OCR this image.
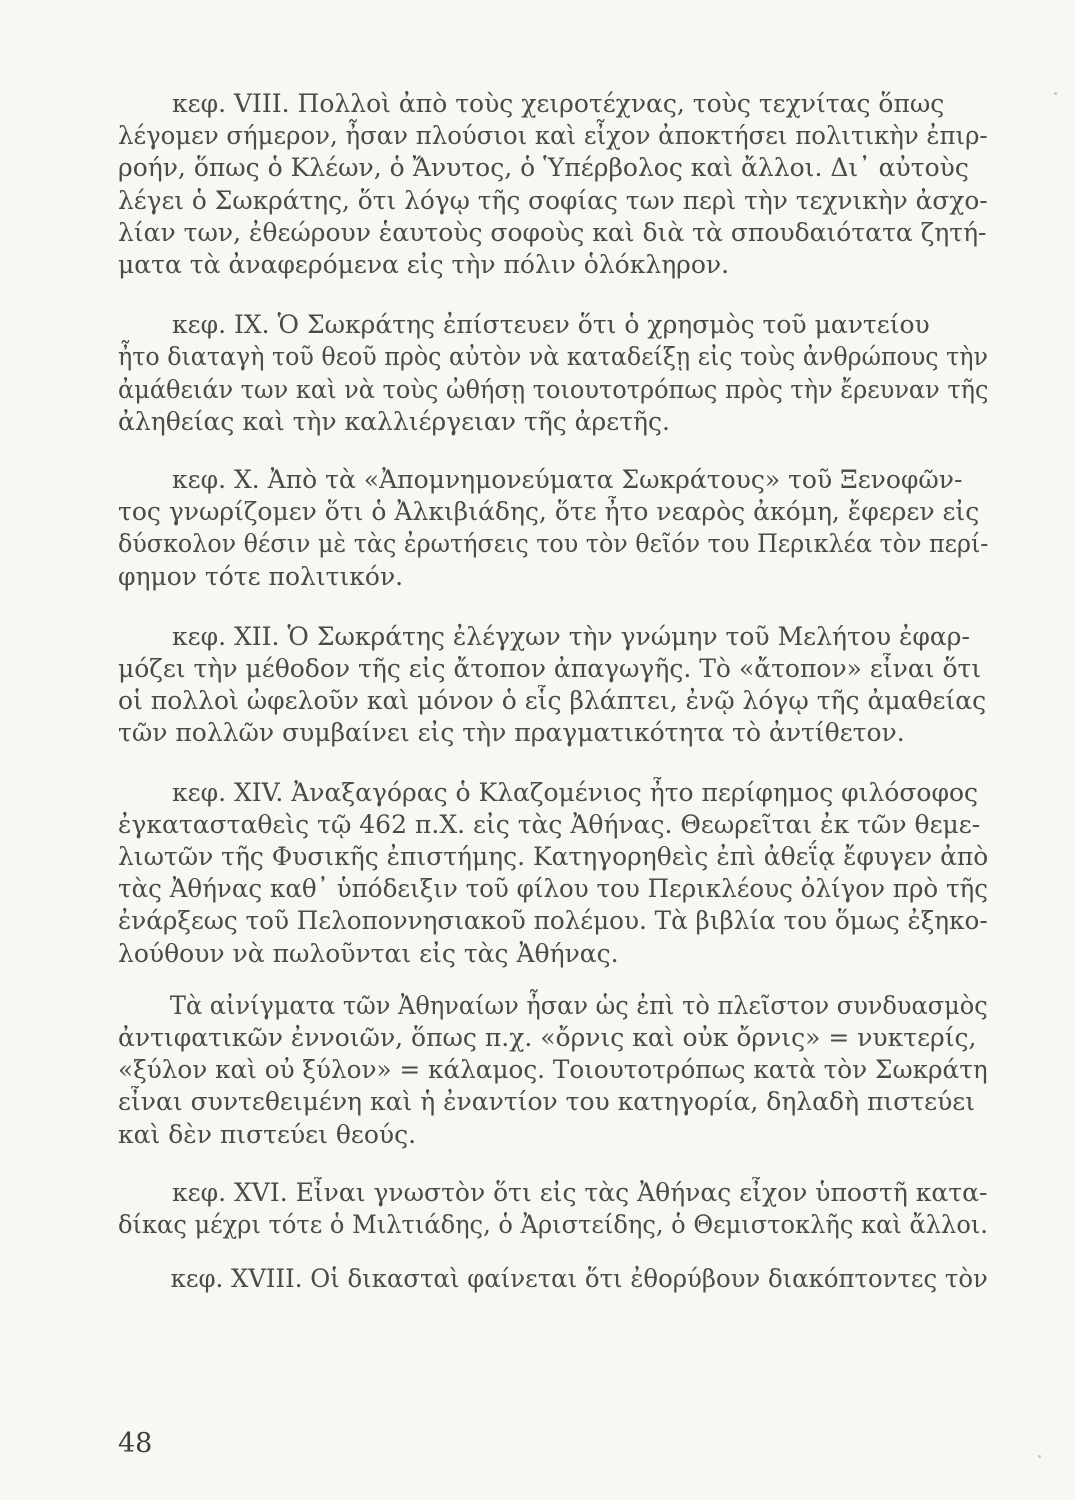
κεφ. VIII. Πολλοὶ ἀπὸ τοὺς χειροτέχνας, τοὺς τεχνίτας ὅπως
λέγομεν σήμερον, ἦσαν πλούσιοι καὶ εἶχον ἀποκτήσει πολιτικὴν ἐπιρ-
ροήν, ὅπως ὁ Κλέων, ὁ Ἄνυτος, ὁ Ὑπέρβολος καὶ ἄλλοι. Δι᾽ αὐτοὺς
λέγει ὁ Σωκράτης, ὅτι λόγῳ τῆς σοφίας των περὶ τὴν τεχνικὴν ἀσχο-
λίαν των, ἐθεώρουν ἑαυτοὺς σοφοὺς καὶ διὰ τὰ σπουδαιότατα ζητή-
ματα τὰ ἀναφερόμενα εἰς τὴν πόλιν ὁλόκληρον.

κεφ. IX. Ὁ Σωκράτης ἐπίστευεν ὅτι ὁ χρησμὸς τοῦ μαντείου
ἦτο διαταγὴ τοῦ θεοῦ πρὸς αὐτὸν νὰ καταδείξῃ εἰς τοὺς ἀνθρώπους τὴν
ἀμάθειάν των καὶ νὰ τοὺς ὠθήσῃ τοιουτοτρόπως πρὸς τὴν ἔρευναν τῆς
ἀληθείας καὶ τὴν καλλιέργειαν τῆς ἀρετῆς.

κεφ. X. Ἀπὸ τὰ «Ἀπομνημονεύματα Σωκράτους» τοῦ Ξενοφῶν-
τος γνωρίζομεν ὅτι ὁ Ἀλκιβιάδης, ὅτε ἦτο νεαρὸς ἀκόμη, ἔφερεν εἰς
δύσκολον θέσιν μὲ τὰς ἐρωτήσεις του τὸν θεῖόν του Περικλέα τὸν περί-
φημον τότε πολιτικόν.

κεφ. XII. Ὁ Σωκράτης ἐλέγχων τὴν γνώμην τοῦ Μελήτου ἐφαρ-
μόζει τὴν μέθοδον τῆς εἰς ἄτοπον ἀπαγωγῆς. Τὸ «ἄτοπον» εἶναι ὅτι
οἱ πολλοὶ ὠφελοῦν καὶ μόνον ὁ εἷς βλάπτει, ἐνῷ λόγῳ τῆς ἀμαθείας
τῶν πολλῶν συμβαίνει εἰς τὴν πραγματικότητα τὸ ἀντίθετον.

κεφ. XIV. Ἀναξαγόρας ὁ Κλαζομένιος ἦτο περίφημος φιλόσοφος
ἐγκατασταθεὶς τῷ 462 π.Χ. εἰς τὰς Ἀθήνας. Θεωρεῖται ἐκ τῶν θεμε-
λιωτῶν τῆς Φυσικῆς ἐπιστήμης. Κατηγορηθεὶς ἐπὶ ἀθεΐᾳ ἔφυγεν ἀπὸ
τὰς Ἀθήνας καθ᾽ ὑπόδειξιν τοῦ φίλου του Περικλέους ὀλίγον πρὸ τῆς
ἐνάρξεως τοῦ Πελοποννησιακοῦ πολέμου. Τὰ βιβλία του ὅμως ἐξηκο-
λούθουν νὰ πωλοῦνται εἰς τὰς Ἀθήνας.

Τὰ αἰνίγματα τῶν Ἀθηναίων ἦσαν ὡς ἐπὶ τὸ πλεῖστον συνδυασμὸς
ἀντιφατικῶν ἐννοιῶν, ὅπως π.χ. «ὄρνις καὶ οὐκ ὄρνις» = νυκτερίς,
«ξύλον καὶ οὐ ξύλον» = κάλαμος. Τοιουτοτρόπως κατὰ τὸν Σωκράτη
εἶναι συντεθειμένη καὶ ἡ ἐναντίον του κατηγορία, δηλαδὴ πιστεύει
καὶ δὲν πιστεύει θεούς.

κεφ. XVI. Εἶναι γνωστὸν ὅτι εἰς τὰς Ἀθήνας εἶχον ὑποστῆ κατα-
δίκας μέχρι τότε ὁ Μιλτιάδης, ὁ Ἀριστείδης, ὁ Θεμιστοκλῆς καὶ ἄλλοι.

κεφ. XVIII. Οἱ δικασταὶ φαίνεται ὅτι ἐθορύβουν διακόπτοντες τὸν

48
